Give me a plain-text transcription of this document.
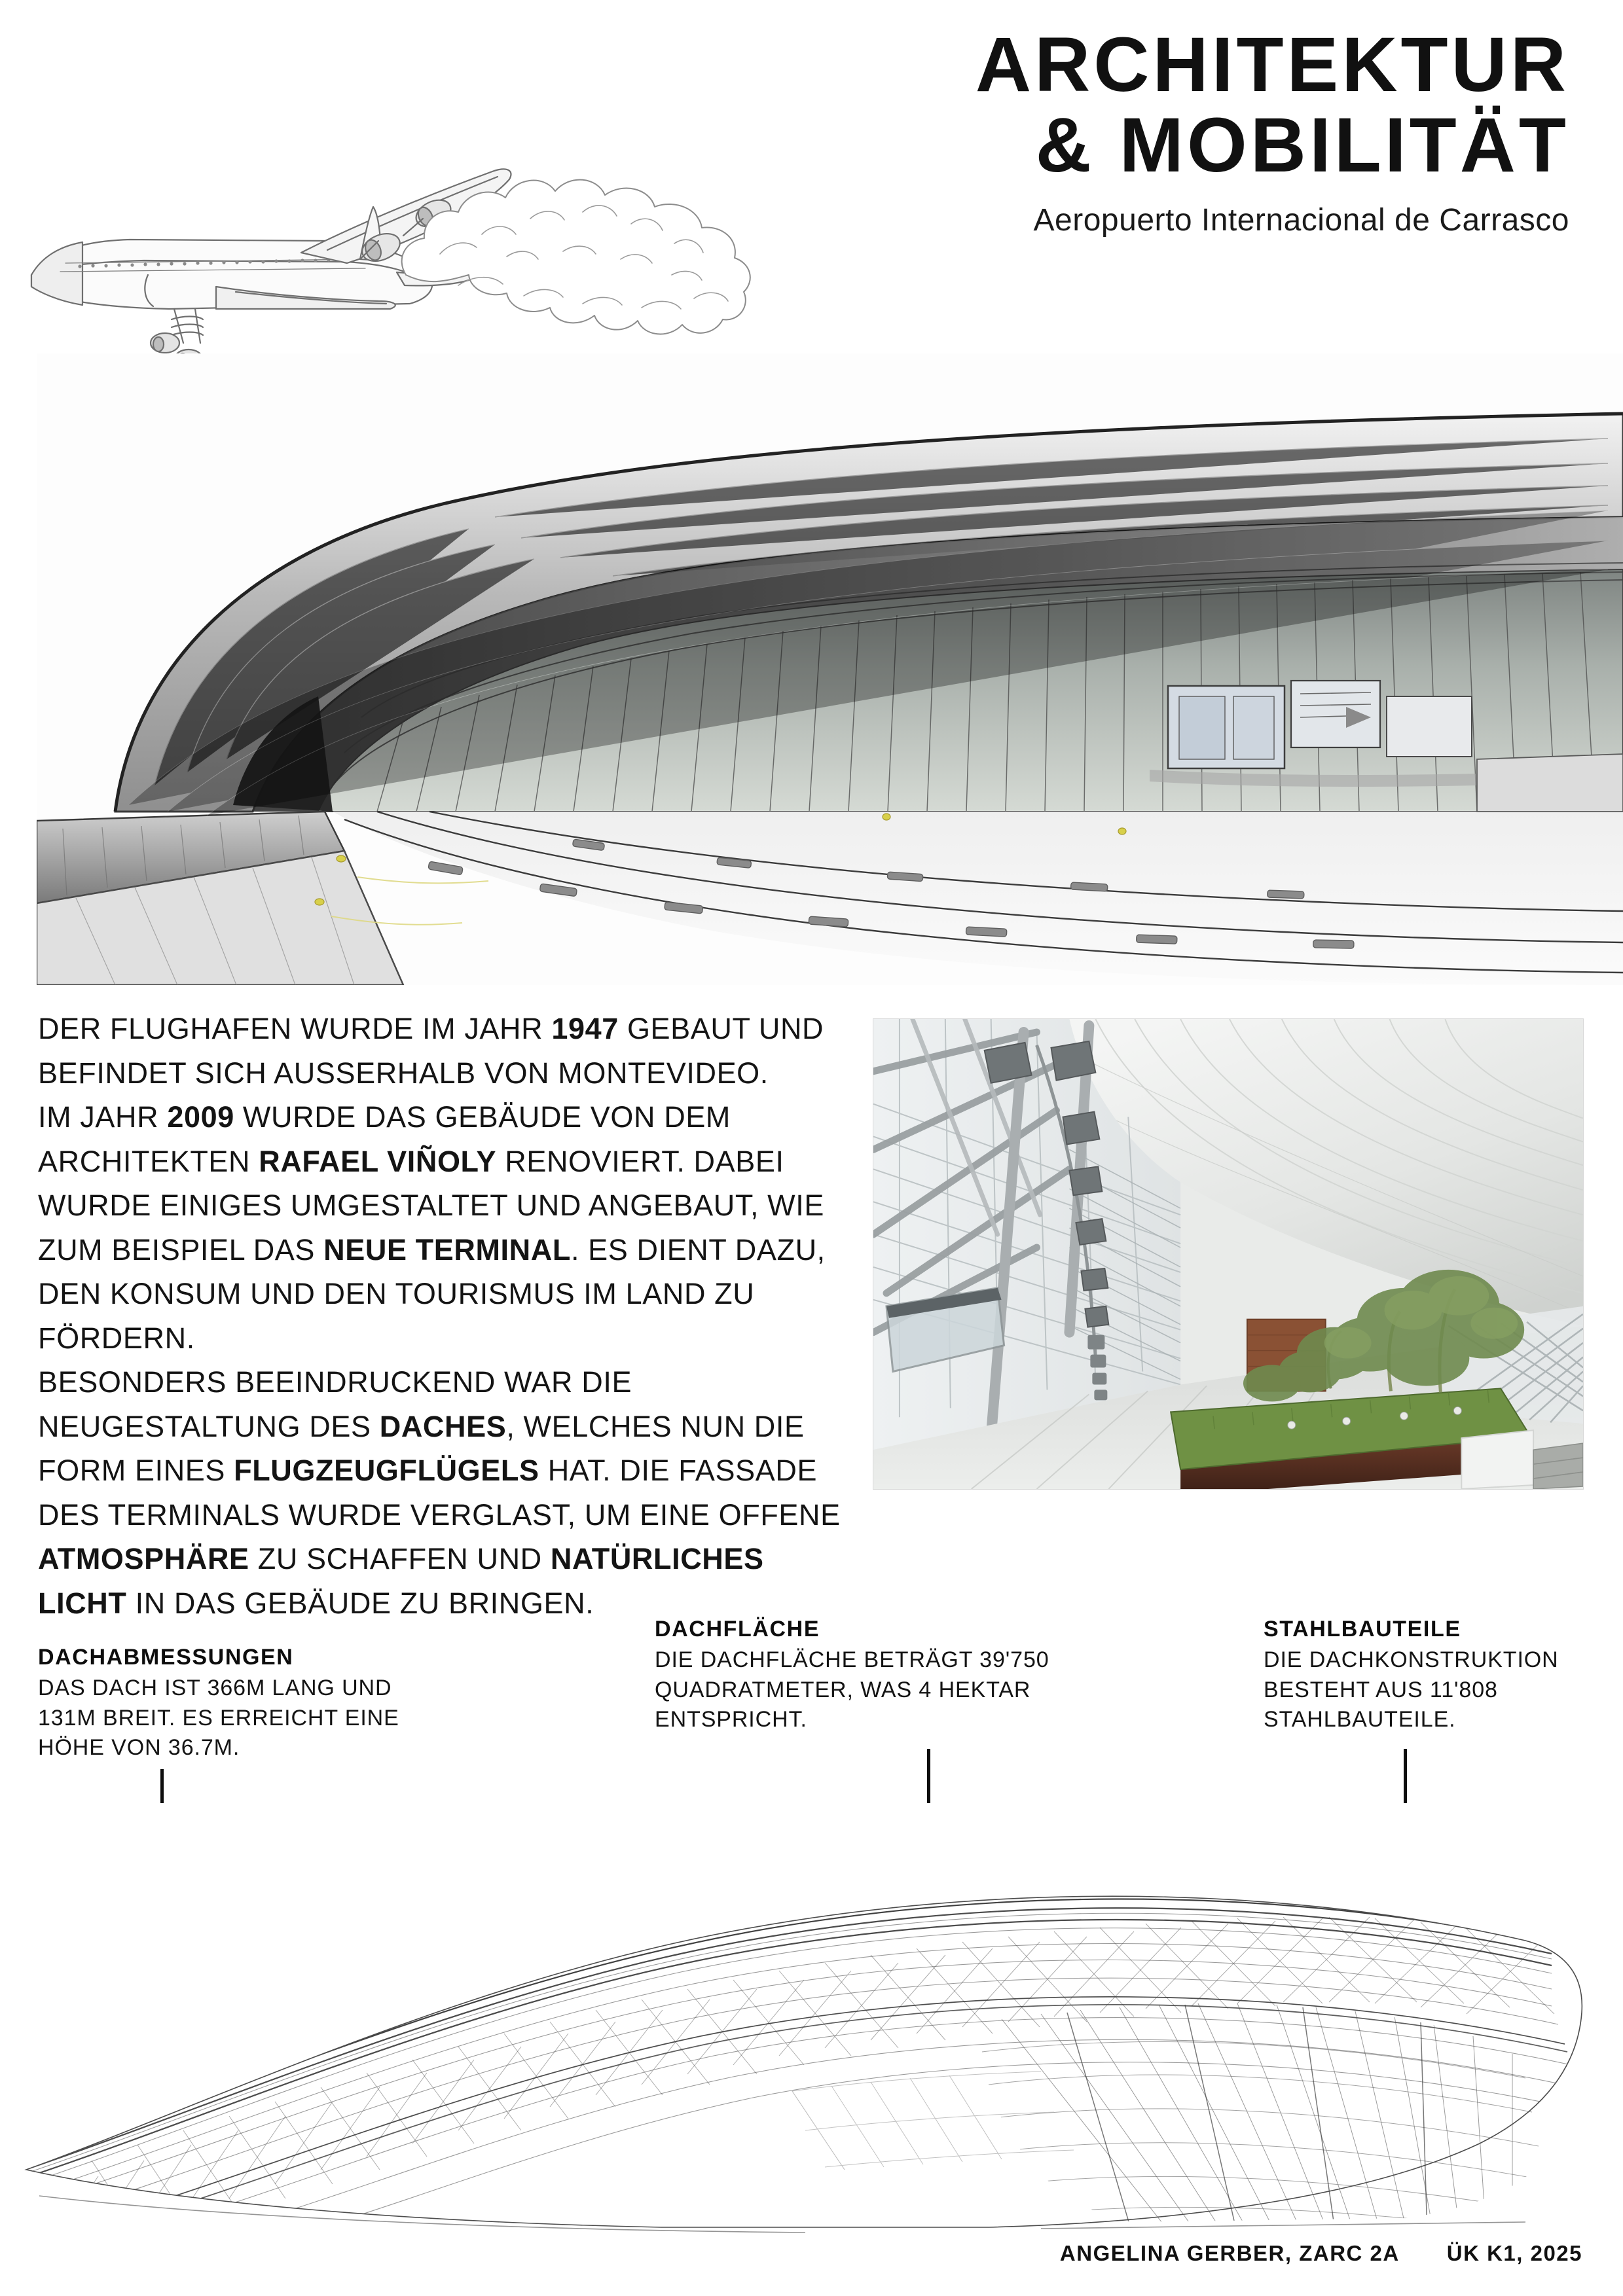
ARCHITEKTUR
& MOBILITÄT
Aeropuerto Internacional de Carrasco

DER FLUGHAFEN WURDE IM JAHR 1947 GEBAUT UND BEFINDET SICH AUSSERHALB VON MONTEVIDEO.
IM JAHR 2009 WURDE DAS GEBÄUDE VON DEM ARCHITEKTEN RAFAEL VIÑOLY RENOVIERT. DABEI WURDE EINIGES UMGESTALTET UND ANGEBAUT, WIE ZUM BEISPIEL DAS NEUE TERMINAL. ES DIENT DAZU, DEN KONSUM UND DEN TOURISMUS IM LAND ZU FÖRDERN.
BESONDERS BEEINDRUCKEND WAR DIE NEUGESTALTUNG DES DACHES, WELCHES NUN DIE FORM EINES FLUGZEUGFLÜGELS HAT. DIE FASSADE DES TERMINALS WURDE VERGLAST, UM EINE OFFENE ATMOSPHÄRE ZU SCHAFFEN UND NATÜRLICHES LICHT IN DAS GEBÄUDE ZU BRINGEN.

DACHABMESSUNGEN
DAS DACH IST 366M LANG UND 131M BREIT. ES ERREICHT EINE HÖHE VON 36.7M.
DACHFLÄCHE
DIE DACHFLÄCHE BETRÄGT 39'750 QUADRATMETER, WAS 4 HEKTAR ENTSPRICHT.
STAHLBAUTEILE
DIE DACHKONSTRUKTION BESTEHT AUS 11'808 STAHLBAUTEILE.
ANGELINA GERBER, ZARC 2A ÜK K1, 2025
